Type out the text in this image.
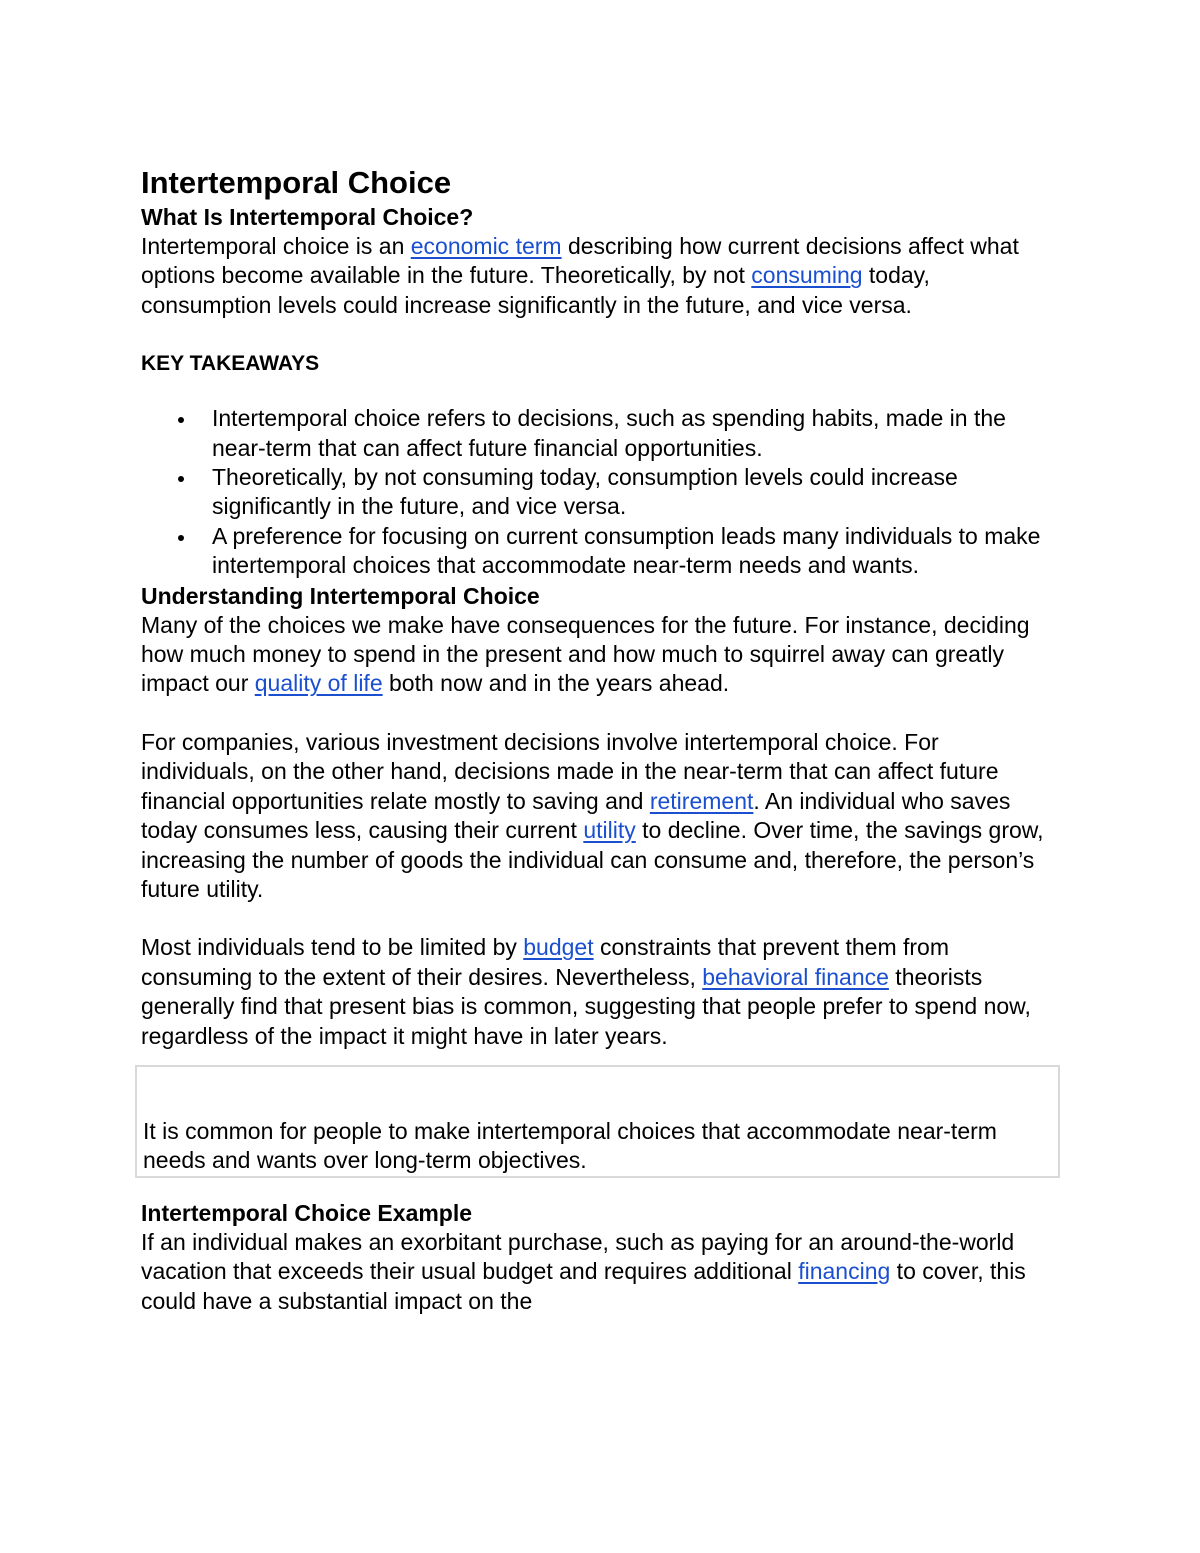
Intertemporal Choice
What Is Intertemporal Choice?

Intertemporal choice is an economic term describing how current decisions affect what options become available in the future. Theoretically, by not consuming today, consumption levels could increase significantly in the future, and vice versa.

KEY TAKEAWAYS

Intertemporal choice refers to decisions, such as spending habits, made in the near-term that can affect future financial opportunities.
Theoretically, by not consuming today, consumption levels could increase significantly in the future, and vice versa.
A preference for focusing on current consumption leads many individuals to make intertemporal choices that accommodate near-term needs and wants.
Understanding Intertemporal Choice

Many of the choices we make have consequences for the future. For instance, deciding how much money to spend in the present and how much to squirrel away can greatly impact our quality of life both now and in the years ahead.

For companies, various investment decisions involve intertemporal choice. For individuals, on the other hand, decisions made in the near-term that can affect future financial opportunities relate mostly to saving and retirement. An individual who saves today consumes less, causing their current utility to decline. Over time, the savings grow, increasing the number of goods the individual can consume and, therefore, the person’s future utility.

Most individuals tend to be limited by budget constraints that prevent them from consuming to the extent of their desires. Nevertheless, behavioral finance theorists generally find that present bias is common, suggesting that people prefer to spend now, regardless of the impact it might have in later years.

It is common for people to make intertemporal choices that accommodate near-term needs and wants over long-term objectives.

Intertemporal Choice Example

If an individual makes an exorbitant purchase, such as paying for an around-the-world vacation that exceeds their usual budget and requires additional financing to cover, this could have a substantial impact on the
